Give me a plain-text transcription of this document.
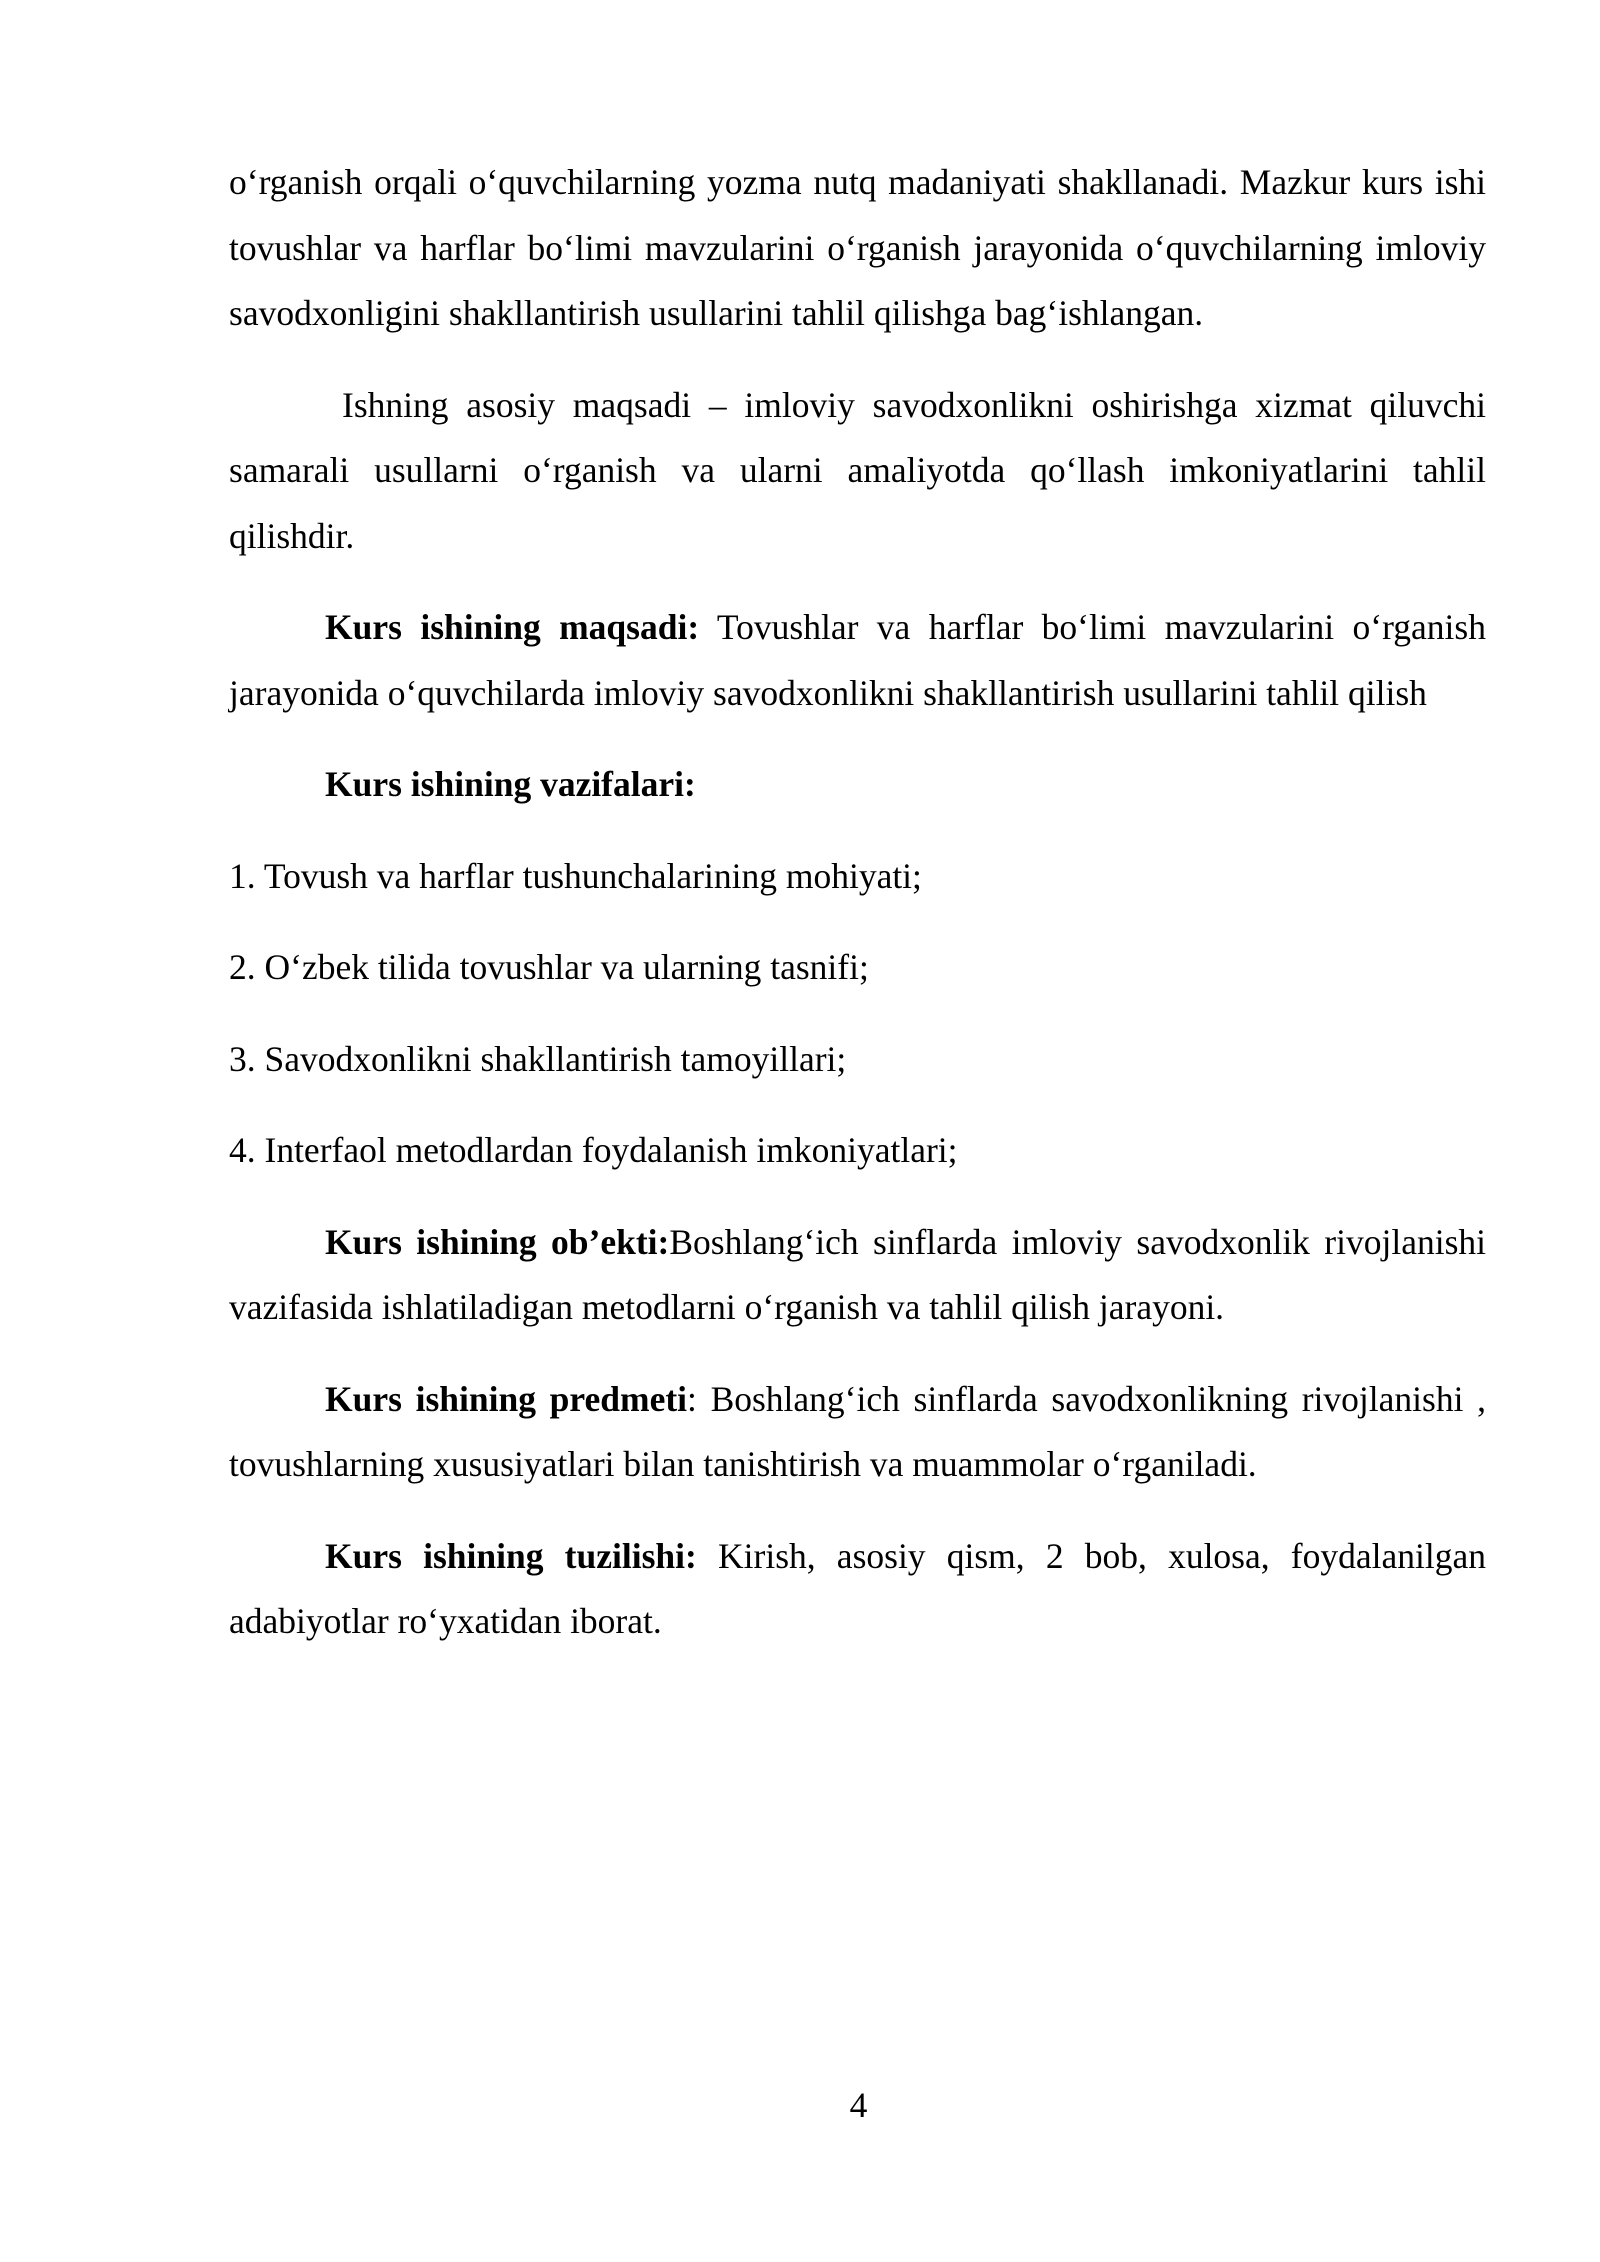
o‘rganish orqali o‘quvchilarning yozma nutq madaniyati shakllanadi. Mazkur kurs ishi tovushlar va harflar bo‘limi mavzularini o‘rganish jarayonida o‘quvchilarning imloviy savodxonligini shakllantirish usullarini tahlil qilishga bag‘ishlangan.

Ishning asosiy maqsadi – imloviy savodxonlikni oshirishga xizmat qiluvchi samarali usullarni o‘rganish va ularni amaliyotda qo‘llash imkoniyatlarini tahlil qilishdir.

Kurs ishining maqsadi: Tovushlar va harflar bo‘limi mavzularini o‘rganish jarayonida o‘quvchilarda imloviy savodxonlikni shakllantirish usullarini tahlil qilish

Kurs ishining vazifalari:

1. Tovush va harflar tushunchalarining mohiyati;

2. O‘zbek tilida tovushlar va ularning tasnifi;

3. Savodxonlikni shakllantirish tamoyillari;

4. Interfaol metodlardan foydalanish imkoniyatlari;

Kurs ishining ob’ekti:Boshlang‘ich sinflarda imloviy savodxonlik rivojlanishi vazifasida ishlatiladigan metodlarni o‘rganish va tahlil qilish jarayoni.

Kurs ishining predmeti: Boshlang‘ich sinflarda savodxonlikning rivojlanishi , tovushlarning xususiyatlari bilan tanishtirish va muammolar o‘rganiladi.

Kurs ishining tuzilishi: Kirish, asosiy qism, 2 bob, xulosa, foydalanilgan adabiyotlar ro‘yxatidan iborat.

4
